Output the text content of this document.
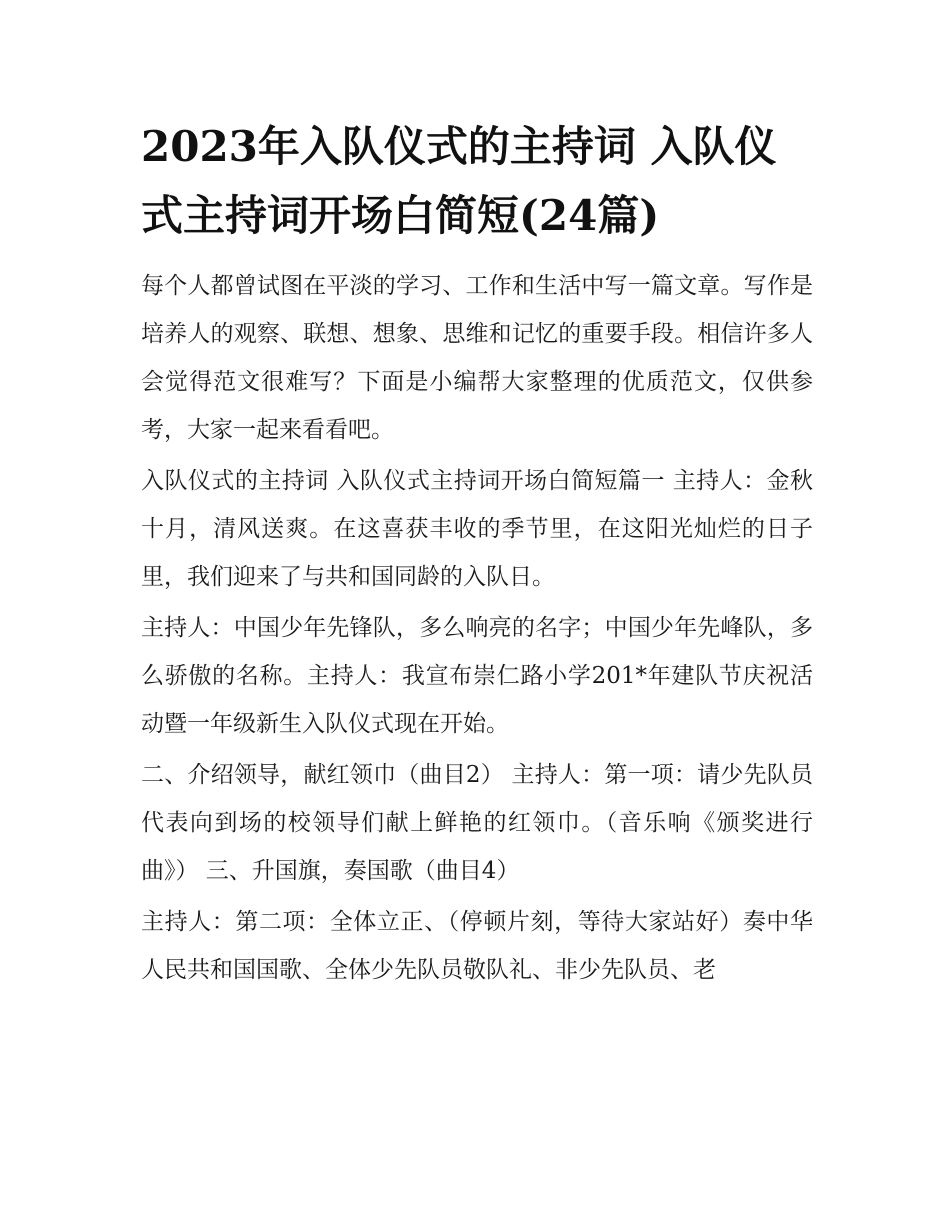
2023年入队仪式的主持词 入队仪式主持词开场白简短(24篇)

每个人都曾试图在平淡的学习、工作和生活中写一篇文章。写作是培养人的观察、联想、想象、思维和记忆的重要手段。相信许多人会觉得范文很难写？下面是小编帮大家整理的优质范文，仅供参考，大家一起来看看吧。

入队仪式的主持词 入队仪式主持词开场白简短篇一 主持人：金秋十月，清风送爽。在这喜获丰收的季节里，在这阳光灿烂的日子里，我们迎来了与共和国同龄的入队日。

主持人：中国少年先锋队，多么响亮的名字；中国少年先峰队，多么骄傲的名称。主持人：我宣布崇仁路小学201*年建队节庆祝活动暨一年级新生入队仪式现在开始。

二、介绍领导，献红领巾（曲目2） 主持人：第一项：请少先队员代表向到场的校领导们献上鲜艳的红领巾。（音乐响《颁奖进行曲》） 三、升国旗，奏国歌（曲目4）

主持人：第二项：全体立正、（停顿片刻，等待大家站好）奏中华人民共和国国歌、全体少先队员敬队礼、非少先队员、老
